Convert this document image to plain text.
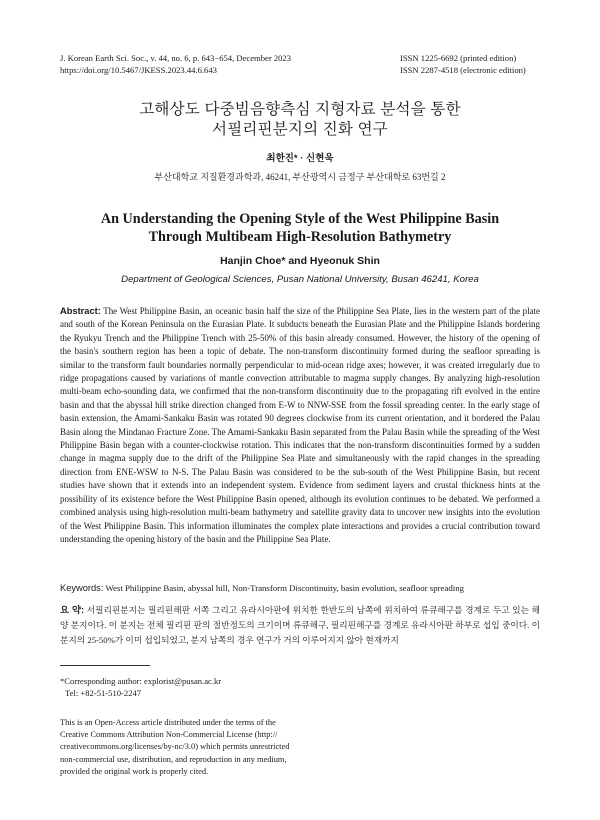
J. Korean Earth Sci. Soc., v. 44, no. 6, p. 643−654, December 2023
https://doi.org/10.5467/JKESS.2023.44.6.643
ISSN 1225-6692 (printed edition)
ISSN 2287-4518 (electronic edition)
고해상도 다중빔음향측심 지형자료 분석을 통한
서필리핀분지의 진화 연구
최한진* · 신현욱
부산대학교 지질환경과학과, 46241, 부산광역시 금정구 부산대학로 63번길 2
An Understanding the Opening Style of the West Philippine Basin
Through Multibeam High-Resolution Bathymetry
Hanjin Choe* and Hyeonuk Shin
Department of Geological Sciences, Pusan National University, Busan 46241, Korea

Abstract: The West Philippine Basin, an oceanic basin half the size of the Philippine Sea Plate, lies in the western part of the plate and south of the Korean Peninsula on the Eurasian Plate. It subducts beneath the Eurasian Plate and the Philippine Islands bordering the Ryukyu Trench and the Philippine Trench with 25-50% of this basin already consumed. However, the history of the opening of the basin's southern region has been a topic of debate. The non-transform discontinuity formed during the seafloor spreading is similar to the transform fault boundaries normally perpendicular to mid-ocean ridge axes; however, it was created irregularly due to ridge propagations caused by variations of mantle convection attributable to magma supply changes. By analyzing high-resolution multi-beam echo-sounding data, we confirmed that the non-transform discontinuity due to the propagating rift evolved in the entire basin and that the abyssal hill strike direction changed from E-W to NNW-SSE from the fossil spreading center. In the early stage of basin extension, the Amami-Sankaku Basin was rotated 90 degrees clockwise from its current orientation, and it bordered the Palau Basin along the Mindanao Fracture Zone. The Amami-Sankaku Basin separated from the Palau Basin while the spreading of the West Philippine Basin began with a counter-clockwise rotation. This indicates that the non-transform discontinuities formed by a sudden change in magma supply due to the drift of the Philippine Sea Plate and simultaneously with the rapid changes in the spreading direction from ENE-WSW to N-S. The Palau Basin was considered to be the sub-south of the West Philippine Basin, but recent studies have shown that it extends into an independent system. Evidence from sediment layers and crustal thickness hints at the possibility of its existence before the West Philippine Basin opened, although its evolution continues to be debated. We performed a combined analysis using high-resolution multi-beam bathymetry and satellite gravity data to uncover new insights into the evolution of the West Philippine Basin. This information illuminates the complex plate interactions and provides a crucial contribution toward understanding the opening history of the basin and the Philippine Sea Plate.

Keywords: West Philippine Basin, abyssal hill, Non-Transform Discontinuity, basin evolution, seafloor spreading

요 약: 서필리핀분지는 필리핀해판 서쪽 그리고 유라시아판에 위치한 한반도의 남쪽에 위치하여 류큐해구를 경계로 두고 있는 해양 분지이다. 이 분지는 전체 필리핀 판의 절반정도의 크기이며 류큐해구, 필리핀해구를 경계로 유라시아판 하부로 섭입 중이다. 이 분지의 25-50%가 이미 섭입되었고, 분지 남쪽의 경우 연구가 거의 이루어지지 않아 현재까지

*Corresponding author: explorist@pusan.ac.kr
Tel: +82-51-510-2247
This is an Open-Access article distributed under the terms of the
Creative Commons Attribution Non-Commercial License (http://
creativecommons.org/licenses/by-nc/3.0) which permits unrestricted
non-commercial use, distribution, and reproduction in any medium,
provided the original work is properly cited.
